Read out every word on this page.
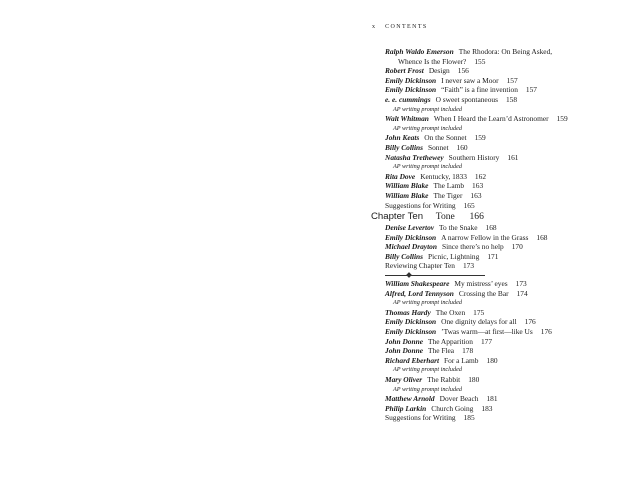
x CONTENTS
Ralph Waldo Emerson The Rhodora: On Being Asked,
Whence Is the Flower? 155
Robert Frost Design 156
Emily Dickinson I never saw a Moor 157
Emily Dickinson “Faith” is a fine invention 157
e. e. cummings O sweet spontaneous 158
AP writing prompt included
Walt Whitman When I Heard the Learn’d Astronomer 159
AP writing prompt included
John Keats On the Sonnet 159
Billy Collins Sonnet 160
Natasha Trethewey Southern History 161
AP writing prompt included
Rita Dove Kentucky, 1833 162
William Blake The Lamb 163
William Blake The Tiger 163
Suggestions for Writing 165
Chapter Ten Tone 166
Denise Levertov To the Snake 168
Emily Dickinson A narrow Fellow in the Grass 168
Michael Drayton Since there’s no help 170
Billy Collins Picnic, Lightning 171
Reviewing Chapter Ten 173
William Shakespeare My mistress’ eyes 173
Alfred, Lord Tennyson Crossing the Bar 174
AP writing prompt included
Thomas Hardy The Oxen 175
Emily Dickinson One dignity delays for all 176
Emily Dickinson ’Twas warm—at first—like Us 176
John Donne The Apparition 177
John Donne The Flea 178
Richard Eberhart For a Lamb 180
AP writing prompt included
Mary Oliver The Rabbit 180
AP writing prompt included
Matthew Arnold Dover Beach 181
Philip Larkin Church Going 183
Suggestions for Writing 185
